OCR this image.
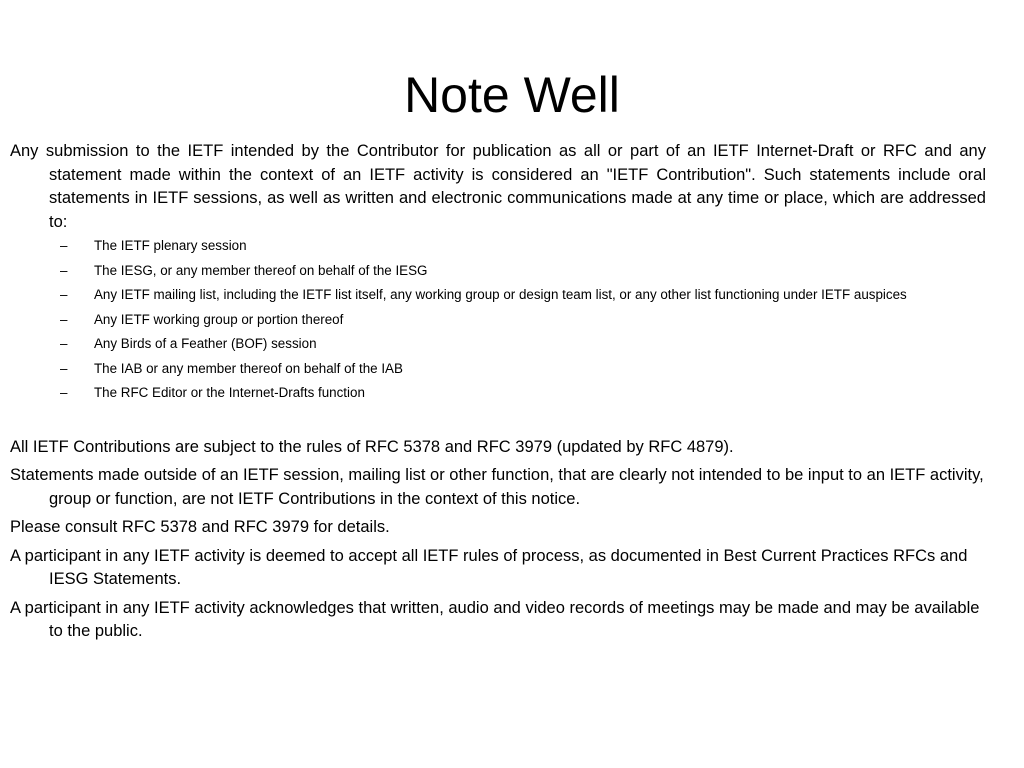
Note Well

Any submission to the IETF intended by the Contributor for publication as all or part of an IETF Internet-Draft or RFC and any statement made within the context of an IETF activity is considered an "IETF Contribution". Such statements include oral statements in IETF sessions, as well as written and electronic communications made at any time or place, which are addressed to:

– The IETF plenary session
– The IESG, or any member thereof on behalf of the IESG
– Any IETF mailing list, including the IETF list itself, any working group or design team list, or any other list functioning under IETF auspices
– Any IETF working group or portion thereof
– Any Birds of a Feather (BOF) session
– The IAB or any member thereof on behalf of the IAB
– The RFC Editor or the Internet-Drafts function

All IETF Contributions are subject to the rules of RFC 5378 and RFC 3979 (updated by RFC 4879).

Statements made outside of an IETF session, mailing list or other function, that are clearly not intended to be input to an IETF activity, group or function, are not IETF Contributions in the context of this notice.

Please consult RFC 5378 and RFC 3979 for details.

A participant in any IETF activity is deemed to accept all IETF rules of process, as documented in Best Current Practices RFCs and IESG Statements.

A participant in any IETF activity acknowledges that written, audio and video records of meetings may be made and may be available to the public.
